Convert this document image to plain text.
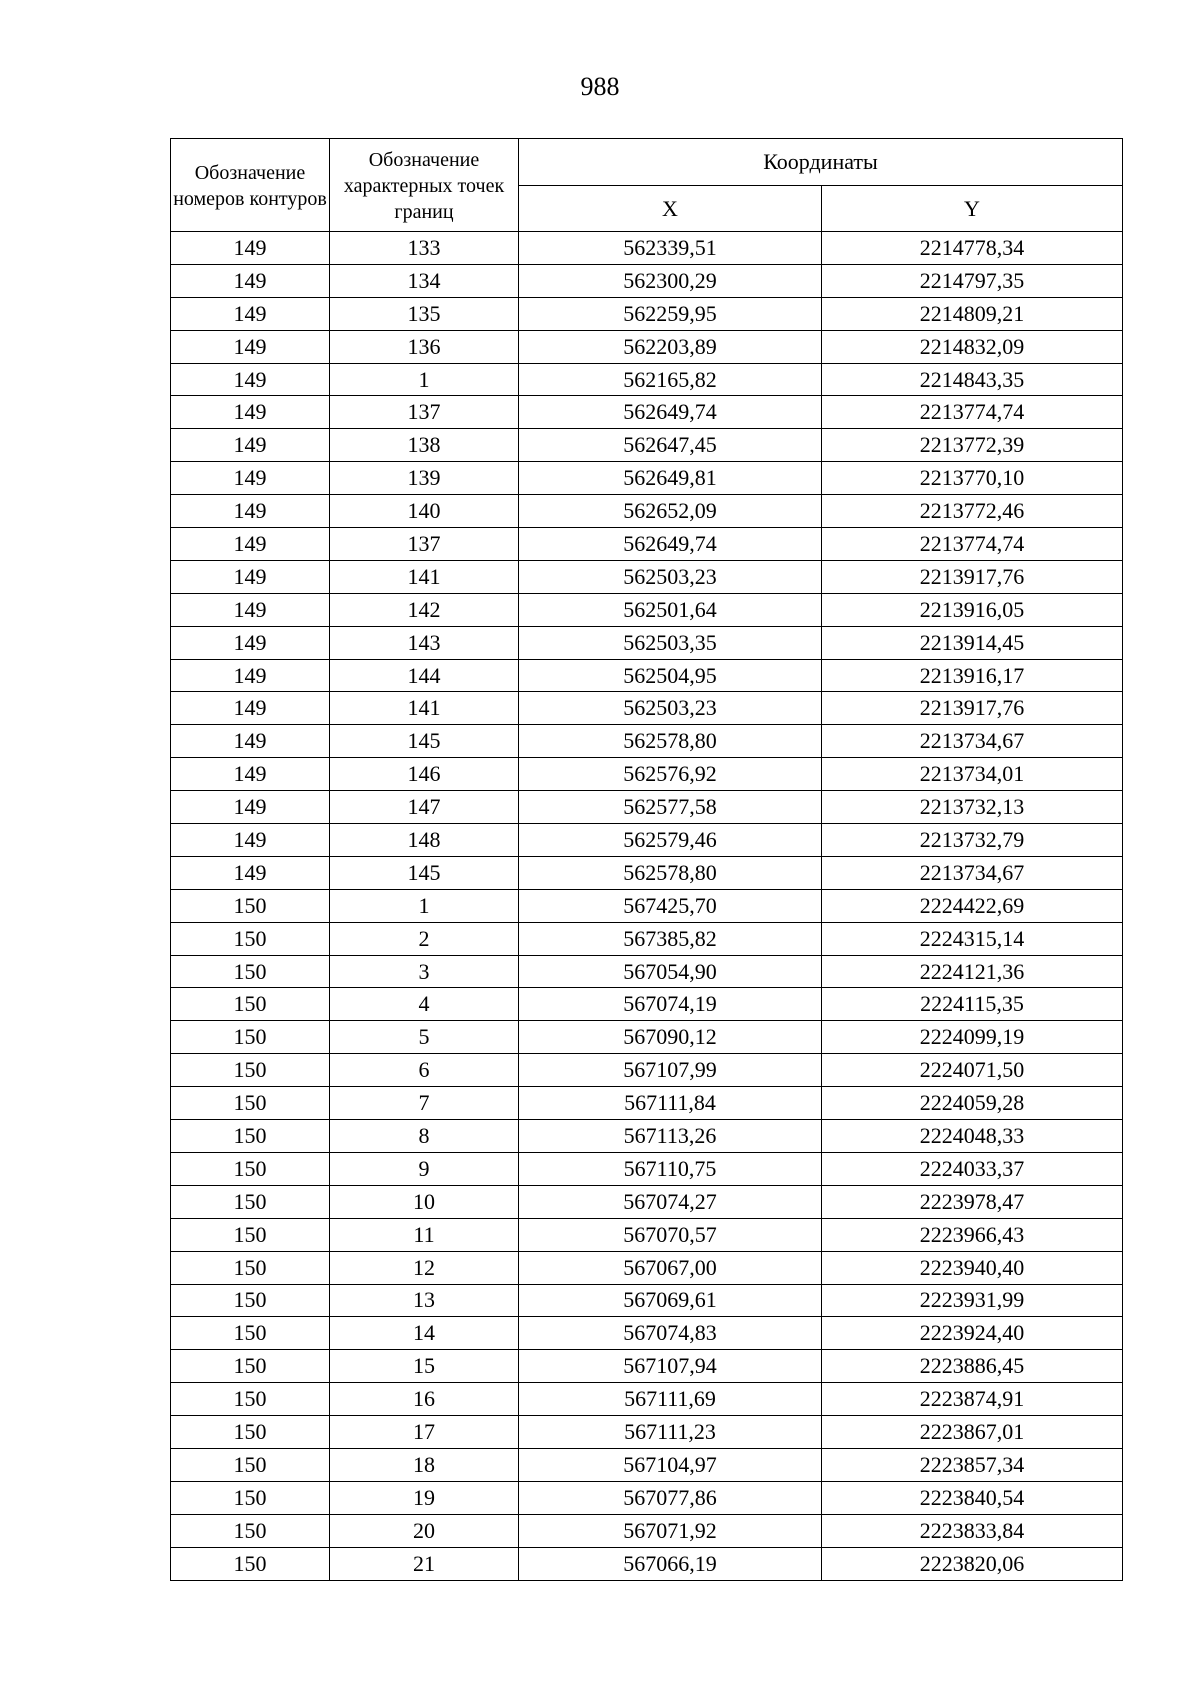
988
Обозначение номеров контуров	Обозначение характерных точек границ	Координаты	
		X	Y
149	133	562339,51	2214778,34
149	134	562300,29	2214797,35
149	135	562259,95	2214809,21
149	136	562203,89	2214832,09
149	1	562165,82	2214843,35
149	137	562649,74	2213774,74
149	138	562647,45	2213772,39
149	139	562649,81	2213770,10
149	140	562652,09	2213772,46
149	137	562649,74	2213774,74
149	141	562503,23	2213917,76
149	142	562501,64	2213916,05
149	143	562503,35	2213914,45
149	144	562504,95	2213916,17
149	141	562503,23	2213917,76
149	145	562578,80	2213734,67
149	146	562576,92	2213734,01
149	147	562577,58	2213732,13
149	148	562579,46	2213732,79
149	145	562578,80	2213734,67
150	1	567425,70	2224422,69
150	2	567385,82	2224315,14
150	3	567054,90	2224121,36
150	4	567074,19	2224115,35
150	5	567090,12	2224099,19
150	6	567107,99	2224071,50
150	7	567111,84	2224059,28
150	8	567113,26	2224048,33
150	9	567110,75	2224033,37
150	10	567074,27	2223978,47
150	11	567070,57	2223966,43
150	12	567067,00	2223940,40
150	13	567069,61	2223931,99
150	14	567074,83	2223924,40
150	15	567107,94	2223886,45
150	16	567111,69	2223874,91
150	17	567111,23	2223867,01
150	18	567104,97	2223857,34
150	19	567077,86	2223840,54
150	20	567071,92	2223833,84
150	21	567066,19	2223820,06
